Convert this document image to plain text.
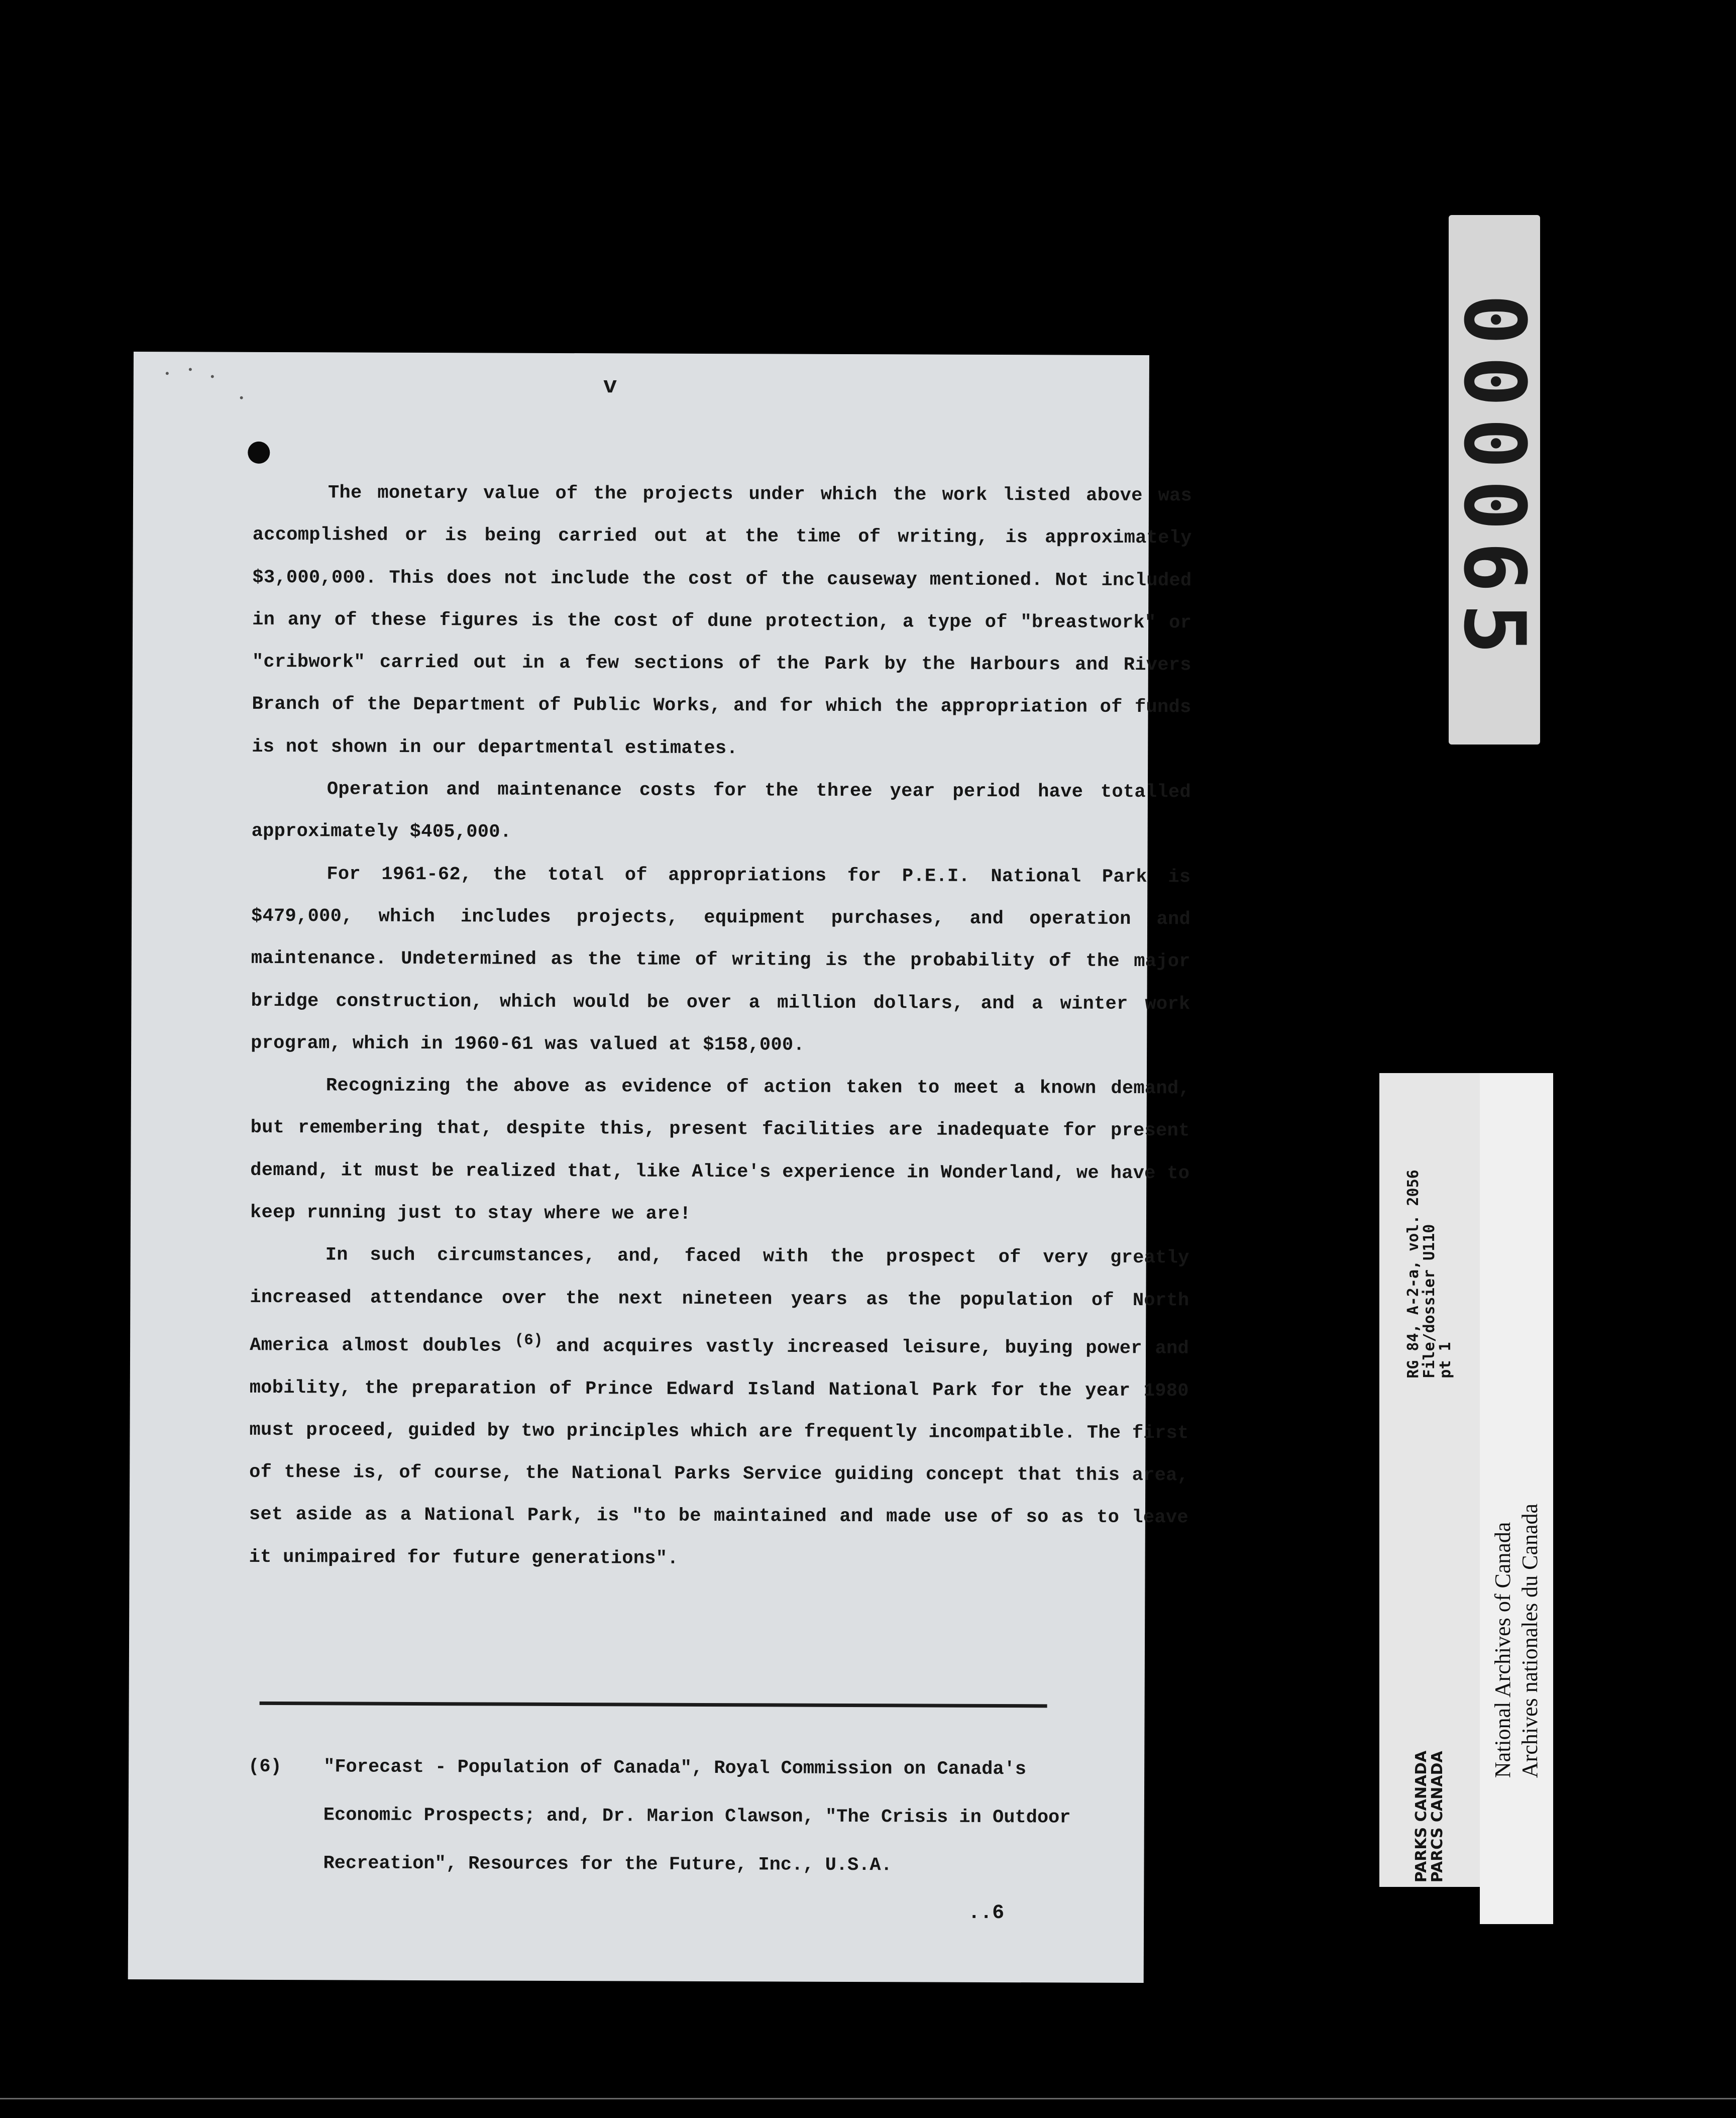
v

The monetary value of the projects under which the work listed above was accomplished or is being carried out at the time of writing, is approximately $3,000,000. This does not include the cost of the causeway mentioned. Not included in any of these figures is the cost of dune protection, a type of "breastwork" or "cribwork" carried out in a few sections of the Park by the Harbours and Rivers Branch of the Department of Public Works, and for which the appropriation of funds is not shown in our departmental estimates.

Operation and maintenance costs for the three year period have totalled approximately $405,000.

For 1961-62, the total of appropriations for P.E.I. National Park is $479,000, which includes projects, equipment purchases, and operation and maintenance. Undetermined as the time of writing is the probability of the major bridge construction, which would be over a million dollars, and a winter work program, which in 1960-61 was valued at $158,000.

Recognizing the above as evidence of action taken to meet a known demand, but remembering that, despite this, present facilities are inadequate for present demand, it must be realized that, like Alice's experience in Wonderland, we have to keep running just to stay where we are!

In such circumstances, and, faced with the prospect of very greatly increased attendance over the next nineteen years as the population of North America almost doubles $^{(6)}$ and acquires vastly increased leisure, buying power and mobility, the preparation of Prince Edward Island National Park for the year 1980 must proceed, guided by two principles which are frequently incompatible. The first of these is, of course, the National Parks Service guiding concept that this area, set aside as a National Park, is "to be maintained and made use of so as to leave it unimpaired for future generations".

(6) "Forecast - Population of Canada", Royal Commission on Canada's Economic Prospects; and, Dr. Marion Clawson, "The Crisis in Outdoor Recreation", Resources for the Future, Inc., U.S.A.
..6
000065
RG 84, A-2-a, vol. 2056
File/dossier U110
pt 1
PARKS CANADA
PARCS CANADA
National Archives of Canada Archives nationales du Canada
